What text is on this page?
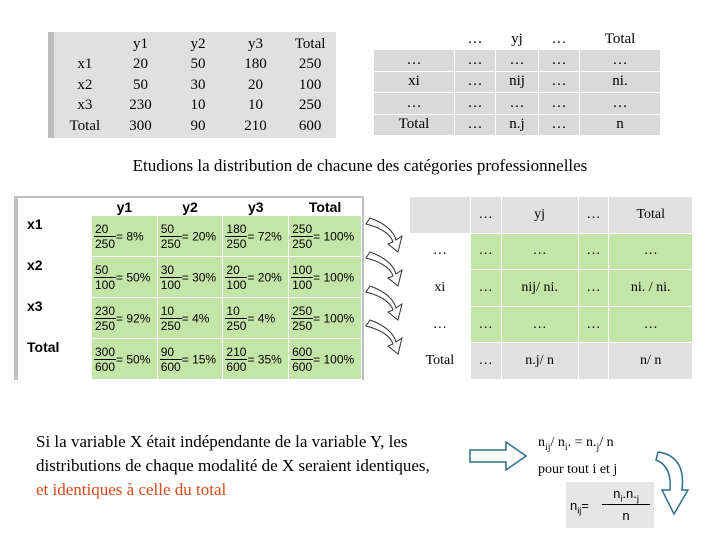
	y1	y2	y3	Total
x1	20	50	180	250
x2	50	30	20	100
x3	230	10	10	250
Total	300	90	210	600
	…	yj	…	Total
…	…	…	…	…
xi	…	nij	…	ni.
…	…	…	…	…
Total	…	n.j	…	n
Etudions la distribution de chacune des catégories professionnelles
	y1	y2	y3	Total
x1	$\frac{20}{250} = 8\%$	$\frac{50}{250} = 20\%$	$\frac{180}{250} = 72\%$	$\frac{250}{250} = 100\%$
x2	$\frac{50}{100} = 50\%$	$\frac{30}{100} = 30\%$	$\frac{20}{100} = 20\%$	$\frac{100}{100} = 100\%$
x3	$\frac{230}{250} = 92\%$	$\frac{10}{250} = 4\%$	$\frac{10}{250} = 4\%$	$\frac{250}{250} = 100\%$
Total	$\frac{300}{600} = 50\%$	$\frac{90}{600} = 15\%$	$\frac{210}{600} = 35\%$	$\frac{600}{600} = 100\%$
	…	yj	…	Total
…	…	…	…	…
xi	…	nij/ ni.	…	ni. / ni.
…	…	…	…	…
Total	…	n.j/ n		n/ n
Si la variable X était indépendante de la variable Y, les distributions de chaque modalité de X seraient identiques, et identiques à celle du total
$n_{ij}/$ $n_i$. = $n._j/$ n
pour tout i et j
$n_{ij}=$
$n_i.n._j$
n
